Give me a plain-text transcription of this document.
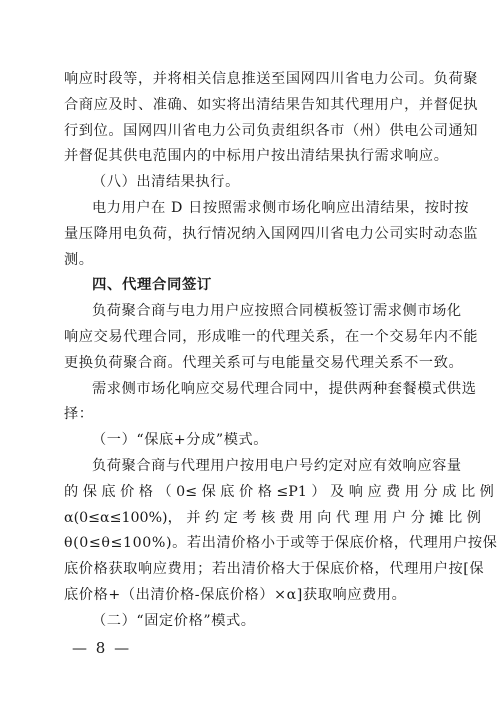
响应时段等，并将相关信息推送至国网四川省电力公司。负荷聚
合商应及时、准确、如实将出清结果告知其代理用户，并督促执
行到位。国网四川省电力公司负责组织各市（州）供电公司通知
并督促其供电范围内的中标用户按出清结果执行需求响应。
（八）出清结果执行。
电力用户在 D 日按照需求侧市场化响应出清结果，按时按
量压降用电负荷，执行情况纳入国网四川省电力公司实时动态监
测。
四、代理合同签订
负荷聚合商与电力用户应按照合同模板签订需求侧市场化
响应交易代理合同，形成唯一的代理关系，在一个交易年内不能
更换负荷聚合商。代理关系可与电能量交易代理关系不一致。
需求侧市场化响应交易代理合同中，提供两种套餐模式供选
择：
（一）“保底+分成”模式。
负荷聚合商与代理用户按用电户号约定对应有效响应容量
的 保 底 价 格 （ 0≤ 保 底 价 格 ≤P1 ） 及 响 应 费 用 分 成 比 例
α(0≤α≤100%)， 并 约 定 考 核 费 用 向 代 理 用 户 分 摊 比 例
θ(0≤θ≤100%)。若出清价格小于或等于保底价格，代理用户按保
底价格获取响应费用；若出清价格大于保底价格，代理用户按[保
底价格+（出清价格-保底价格）×α]获取响应费用。
（二）“固定价格”模式。
— 8 —
